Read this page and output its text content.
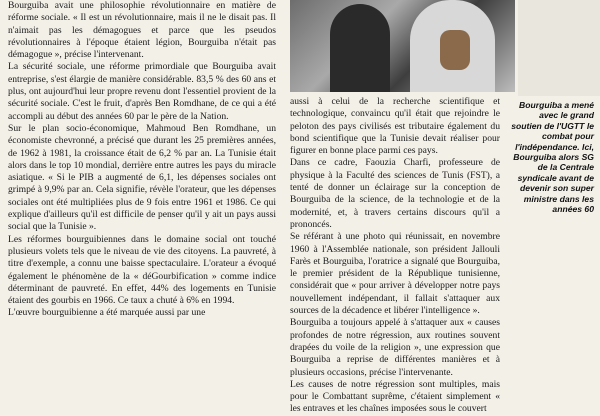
Bourguiba avait une philosophie révolutionnaire en matière de réforme sociale. « Il est un révolutionnaire, mais il ne le disait pas. Il n'aimait pas les démagogues et parce que les pseudos révolutionnaires à l'époque étaient légion, Bourguiba n'était pas démagogue », précise l'intervenant.

La sécurité sociale, une réforme primordiale que Bourguiba avait entreprise, s'est élargie de manière considérable. 83,5 % des 60 ans et plus, ont aujourd'hui leur propre revenu dont l'essentiel provient de la sécurité sociale. C'est le fruit, d'après Ben Romdhane, de ce qui a été accompli au début des années 60 par le père de la Nation.

Sur le plan socio-économique, Mahmoud Ben Romdhane, un économiste chevronné, a précisé que durant les 25 premières années, de 1962 à 1981, la croissance était de 6,2 % par an. La Tunisie était alors dans le top 10 mondial, derrière entre autres les pays du miracle asiatique. « Si le PIB a augmenté de 6,1, les dépenses sociales ont grimpé à 9,9% par an. Cela signifie, révèle l'orateur, que les dépenses sociales ont été multipliées plus de 9 fois entre 1961 et 1986. Ce qui explique d'ailleurs qu'il est difficile de penser qu'il y ait un pays aussi social que la Tunisie ».

Les réformes bourguibiennes dans le domaine social ont touché plusieurs volets tels que le niveau de vie des citoyens. La pauvreté, à titre d'exemple, a connu une baisse spectaculaire. L'orateur a évoqué également le phénomène de la « déGourbification » comme indice déterminant de pauvreté. En effet, 44% des logements en Tunisie étaient des gourbis en 1966. Ce taux a chuté à 6% en 1994.

L'œuvre bourguibienne a été marquée aussi par une

aussi à celui de la recherche scientifique et technologique, convaincu qu'il était que rejoindre le peloton des pays civilisés est tributaire également du bond scientifique que la Tunisie devait réaliser pour figurer en bonne place parmi ces pays.

Dans ce cadre, Faouzia Charfi, professeure de physique à la Faculté des sciences de Tunis (FST), a tenté de donner un éclairage sur la conception de Bourguiba de la science, de la technologie et de la modernité, et, à travers certains discours qu'il a prononcés.

Se référant à une photo qui réunissait, en novembre 1960 à l'Assemblée nationale, son président Jallouli Farès et Bourguiba, l'oratrice a signalé que Bourguiba, le premier président de la République tunisienne, considérait que « pour arriver à développer notre pays nouvellement indépendant, il fallait s'attaquer aux sources de la décadence et libérer l'intelligence ».

Bourguiba a toujours appelé à s'attaquer aux « causes profondes de notre régression, aux routines souvent drapées du voile de la religion », une expression que Bourguiba a reprise de différentes manières et à plusieurs occasions, précise l'intervenante.

Les causes de notre régression sont multiples, mais pour le Combattant suprême, c'étaient simplement « les entraves et les chaînes imposées sous le couvert

Bourguiba a mené avec le grand soutien de l'UGTT le combat pour l'indépendance. Ici, Bourguiba alors SG de la Centrale syndicale avant de devenir son super ministre dans les années 60
